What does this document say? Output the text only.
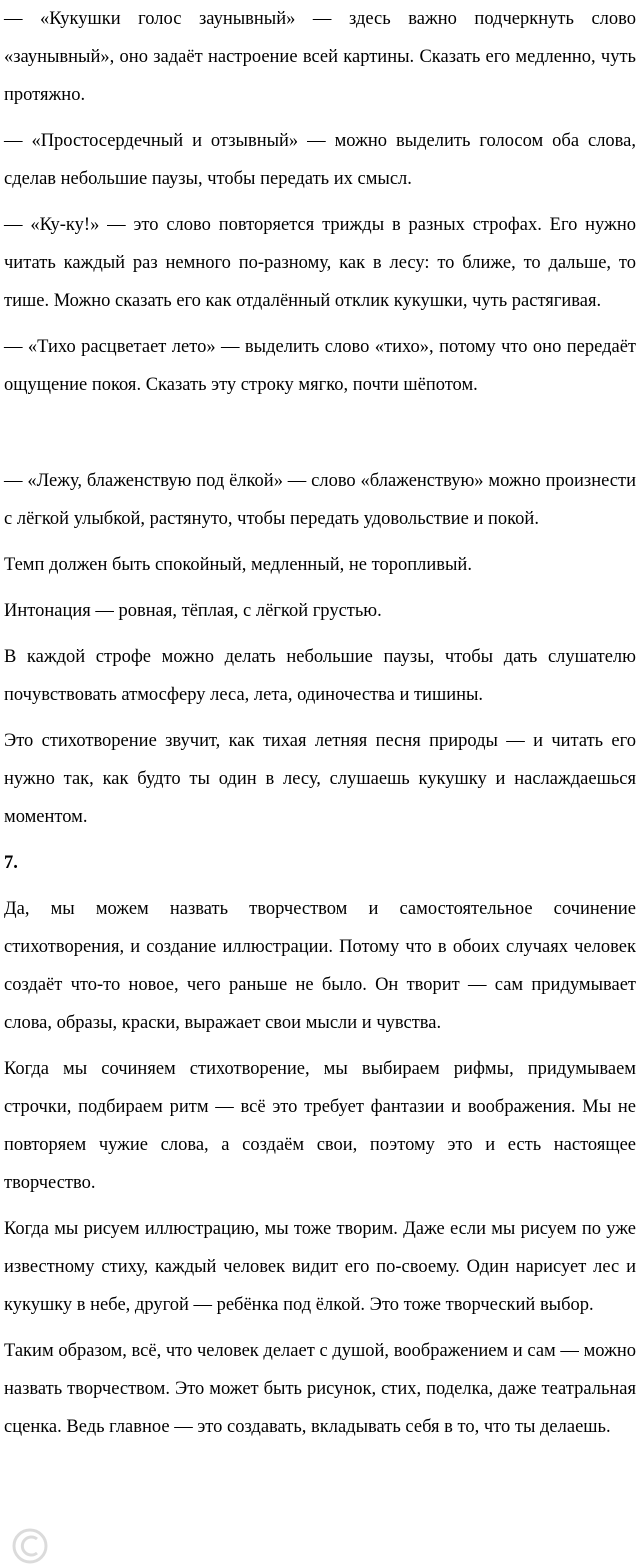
— «Кукушки голос заунывный» — здесь важно подчеркнуть слово «заунывный», оно задаёт настроение всей картины. Сказать его медленно, чуть протяжно.

— «Простосердечный и отзывный» — можно выделить голосом оба слова, сделав небольшие паузы, чтобы передать их смысл.

— «Ку-ку!» — это слово повторяется трижды в разных строфах. Его нужно читать каждый раз немного по-разному, как в лесу: то ближе, то дальше, то тише. Можно сказать его как отдалённый отклик кукушки, чуть растягивая.

— «Тихо расцветает лето» — выделить слово «тихо», потому что оно передаёт ощущение покоя. Сказать эту строку мягко, почти шёпотом.

— «Лежу, блаженствую под ёлкой» — слово «блаженствую» можно произнести с лёгкой улыбкой, растянуто, чтобы передать удовольствие и покой.

Темп должен быть спокойный, медленный, не торопливый.

Интонация — ровная, тёплая, с лёгкой грустью.

В каждой строфе можно делать небольшие паузы, чтобы дать слушателю почувствовать атмосферу леса, лета, одиночества и тишины.

Это стихотворение звучит, как тихая летняя песня природы — и читать его нужно так, как будто ты один в лесу, слушаешь кукушку и наслаждаешься моментом.

7.

Да, мы можем назвать творчеством и самостоятельное сочинение стихотворения, и создание иллюстрации. Потому что в обоих случаях человек создаёт что-то новое, чего раньше не было. Он творит — сам придумывает слова, образы, краски, выражает свои мысли и чувства.

Когда мы сочиняем стихотворение, мы выбираем рифмы, придумываем строчки, подбираем ритм — всё это требует фантазии и воображения. Мы не повторяем чужие слова, а создаём свои, поэтому это и есть настоящее творчество.

Когда мы рисуем иллюстрацию, мы тоже творим. Даже если мы рисуем по уже известному стиху, каждый человек видит его по-своему. Один нарисует лес и кукушку в небе, другой — ребёнка под ёлкой. Это тоже творческий выбор.

Таким образом, всё, что человек делает с душой, воображением и сам — можно назвать творчеством. Это может быть рисунок, стих, поделка, даже театральная сценка. Ведь главное — это создавать, вкладывать себя в то, что ты делаешь.
